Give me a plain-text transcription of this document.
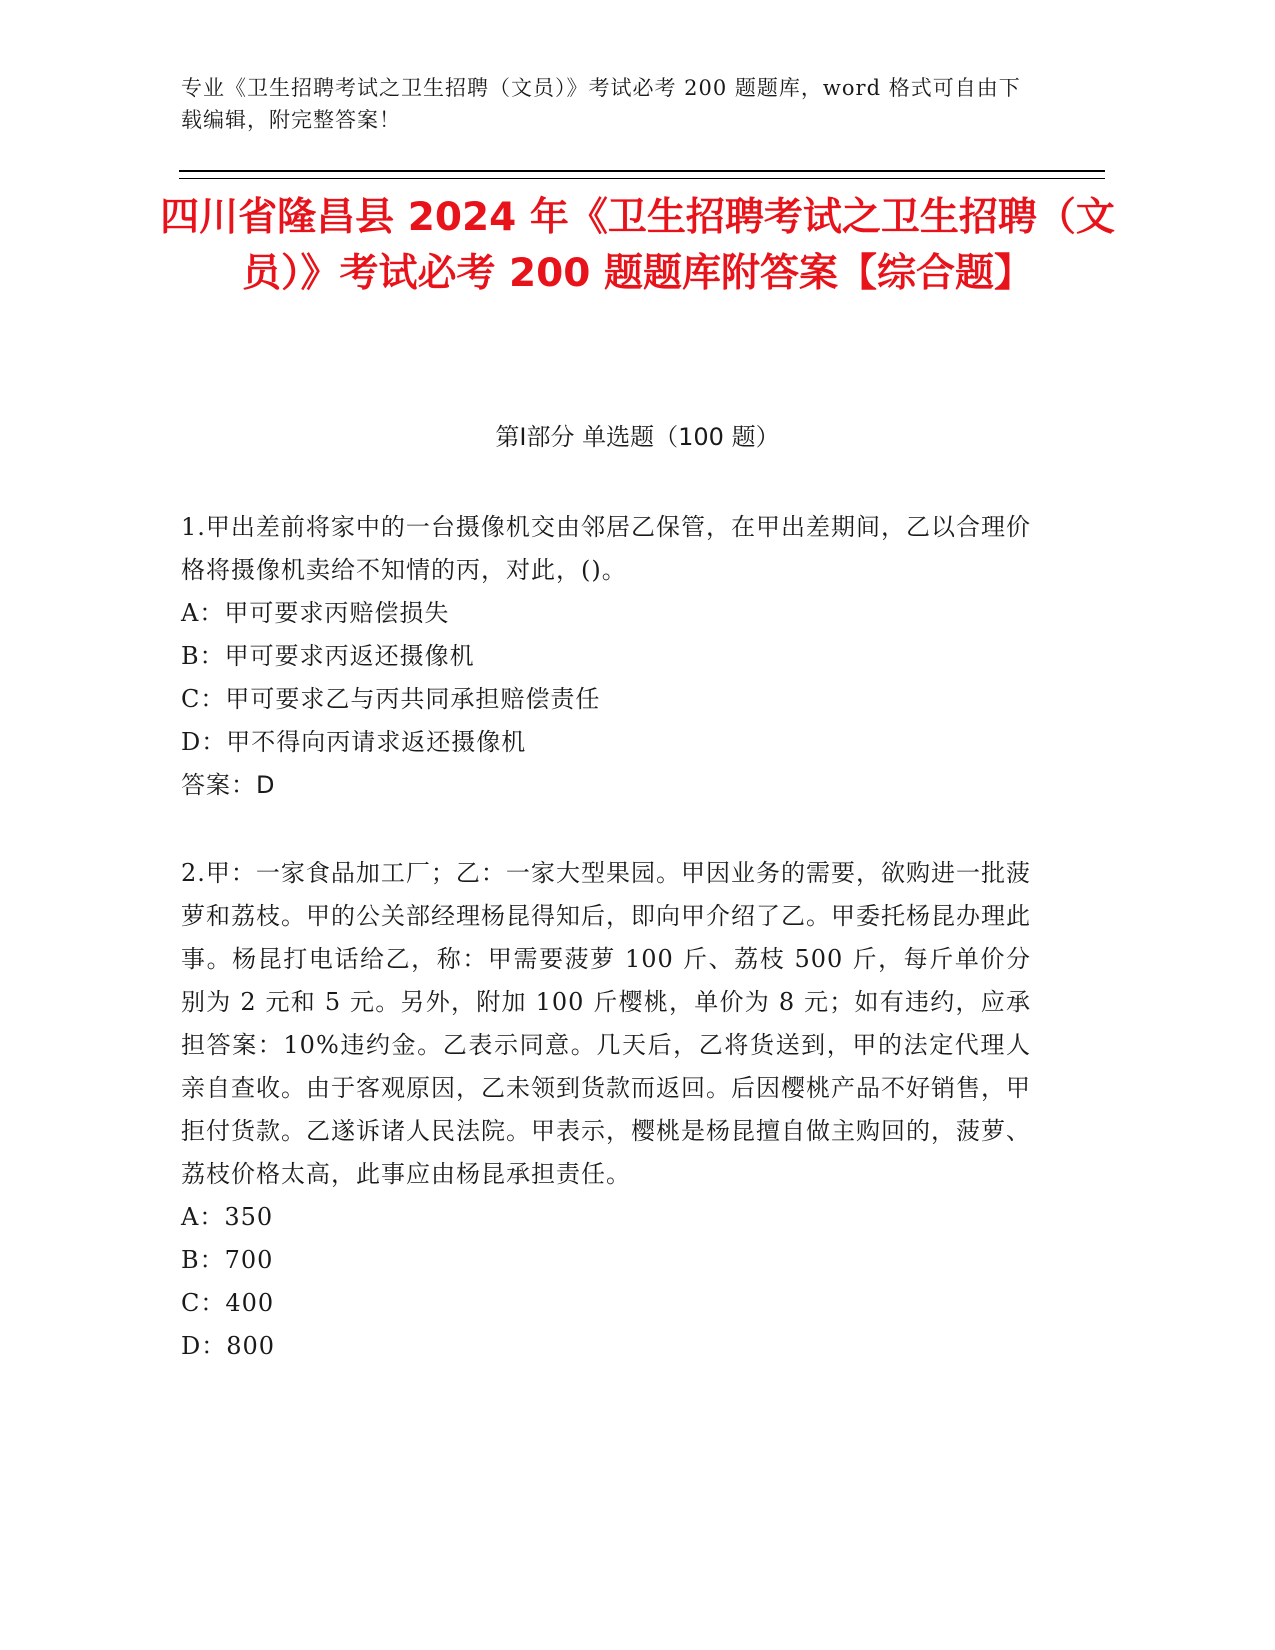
专业《卫生招聘考试之卫生招聘（文员）》考试必考 200 题题库，word 格式可自由下载编辑，附完整答案！
四川省隆昌县 2024 年《卫生招聘考试之卫生招聘（文员）》考试必考 200 题题库附答案【综合题】
第Ⅰ部分 单选题（100 题）
1.甲出差前将家中的一台摄像机交由邻居乙保管，在甲出差期间，乙以合理价格将摄像机卖给不知情的丙，对此，()。
A：甲可要求丙赔偿损失
B：甲可要求丙返还摄像机
C：甲可要求乙与丙共同承担赔偿责任
D：甲不得向丙请求返还摄像机
答案：D
2.甲：一家食品加工厂；乙：一家大型果园。甲因业务的需要，欲购进一批菠萝和荔枝。甲的公关部经理杨昆得知后，即向甲介绍了乙。甲委托杨昆办理此事。杨昆打电话给乙，称：甲需要菠萝 100 斤、荔枝 500 斤，每斤单价分别为 2 元和 5 元。另外，附加 100 斤樱桃，单价为 8 元；如有违约，应承担答案：10%违约金。乙表示同意。几天后，乙将货送到，甲的法定代理人亲自查收。由于客观原因，乙未领到货款而返回。后因樱桃产品不好销售，甲拒付货款。乙遂诉诸人民法院。甲表示，樱桃是杨昆擅自做主购回的，菠萝、荔枝价格太高，此事应由杨昆承担责任。
A：350
B：700
C：400
D：800
